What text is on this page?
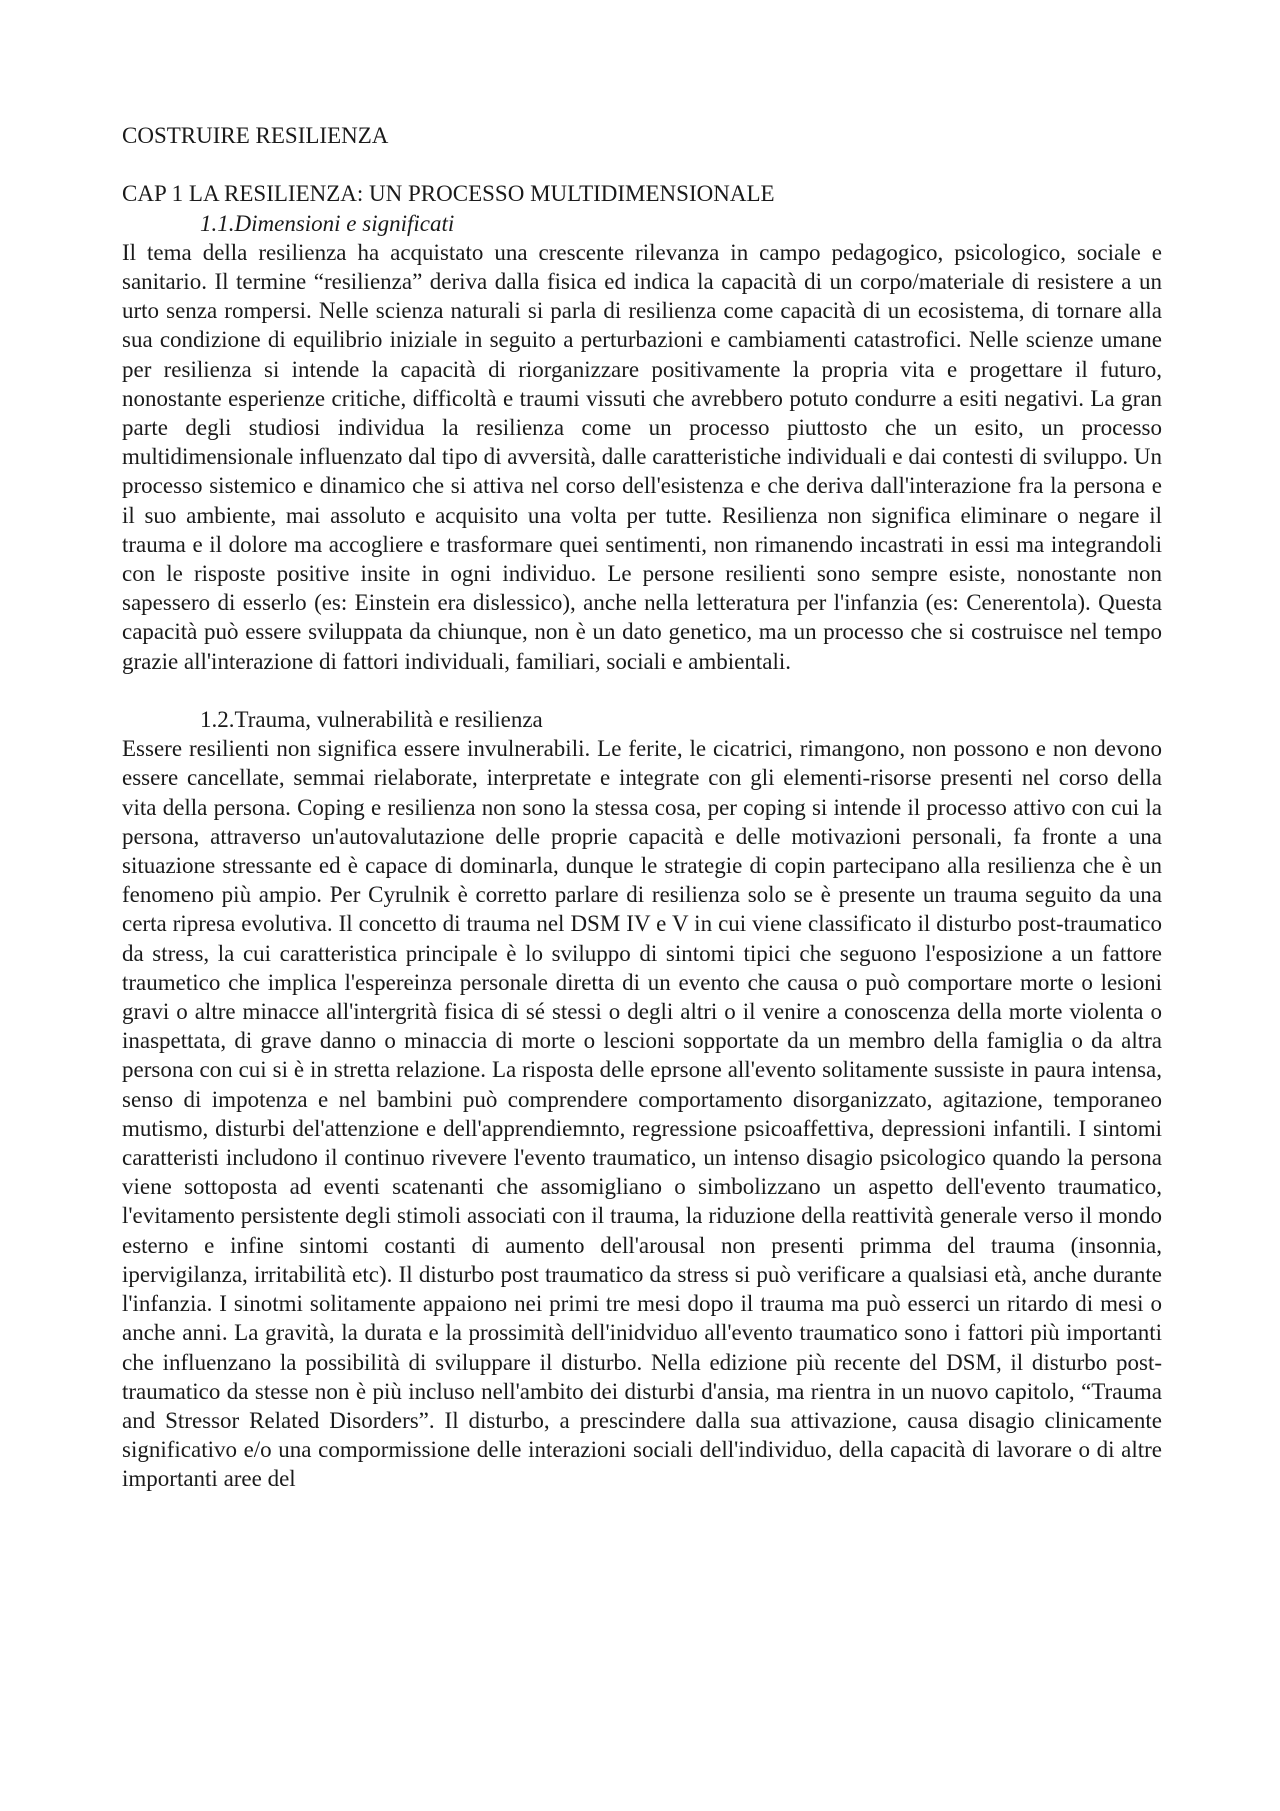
COSTRUIRE RESILIENZA
CAP 1 LA RESILIENZA: UN PROCESSO MULTIDIMENSIONALE
1.1.Dimensioni e significati

Il tema della resilienza ha acquistato una crescente rilevanza in campo pedagogico, psicologico, sociale e sanitario. Il termine “resilienza” deriva dalla fisica ed indica la capacità di un corpo/materiale di resistere a un urto senza rompersi. Nelle scienza naturali si parla di resilienza come capacità di un ecosistema, di tornare alla sua condizione di equilibrio iniziale in seguito a perturbazioni e cambiamenti catastrofici. Nelle scienze umane per resilienza si intende la capacità di riorganizzare positivamente la propria vita e progettare il futuro, nonostante esperienze critiche, difficoltà e traumi vissuti che avrebbero potuto condurre a esiti negativi. La gran parte degli studiosi individua la resilienza come un processo piuttosto che un esito, un processo multidimensionale influenzato dal tipo di avversità, dalle caratteristiche individuali e dai contesti di sviluppo. Un processo sistemico e dinamico che si attiva nel corso dell'esistenza e che deriva dall'interazione fra la persona e il suo ambiente, mai assoluto e acquisito una volta per tutte. Resilienza non significa eliminare o negare il trauma e il dolore ma accogliere e trasformare quei sentimenti, non rimanendo incastrati in essi ma integrandoli con le risposte positive insite in ogni individuo. Le persone resilienti sono sempre esiste, nonostante non sapessero di esserlo (es: Einstein era dislessico), anche nella letteratura per l'infanzia (es: Cenerentola). Questa capacità può essere sviluppata da chiunque, non è un dato genetico, ma un processo che si costruisce nel tempo grazie all'interazione di fattori individuali, familiari, sociali e ambientali.

1.2.Trauma, vulnerabilità e resilienza

Essere resilienti non significa essere invulnerabili. Le ferite, le cicatrici, rimangono, non possono e non devono essere cancellate, semmai rielaborate, interpretate e integrate con gli elementi-risorse presenti nel corso della vita della persona. Coping e resilienza non sono la stessa cosa, per coping si intende il processo attivo con cui la persona, attraverso un'autovalutazione delle proprie capacità e delle motivazioni personali, fa fronte a una situazione stressante ed è capace di dominarla, dunque le strategie di copin partecipano alla resilienza che è un fenomeno più ampio. Per Cyrulnik è corretto parlare di resilienza solo se è presente un trauma seguito da una certa ripresa evolutiva. Il concetto di trauma nel DSM IV e V in cui viene classificato il disturbo post-traumatico da stress, la cui caratteristica principale è lo sviluppo di sintomi tipici che seguono l'esposizione a un fattore traumetico che implica l'espereinza personale diretta di un evento che causa o può comportare morte o lesioni gravi o altre minacce all'intergrità fisica di sé stessi o degli altri o il venire a conoscenza della morte violenta o inaspettata, di grave danno o minaccia di morte o lescioni sopportate da un membro della famiglia o da altra persona con cui si è in stretta relazione. La risposta delle eprsone all'evento solitamente sussiste in paura intensa, senso di impotenza e nel bambini può comprendere comportamento disorganizzato, agitazione, temporaneo mutismo, disturbi del'attenzione e dell'apprendiemnto, regressione psicoaffettiva, depressioni infantili. I sintomi caratteristi includono il continuo rivevere l'evento traumatico, un intenso disagio psicologico quando la persona viene sottoposta ad eventi scatenanti che assomigliano o simbolizzano un aspetto dell'evento traumatico, l'evitamento persistente degli stimoli associati con il trauma, la riduzione della reattività generale verso il mondo esterno e infine sintomi costanti di aumento dell'arousal non presenti primma del trauma (insonnia, ipervigilanza, irritabilità etc). Il disturbo post traumatico da stress si può verificare a qualsiasi età, anche durante l'infanzia. I sinotmi solitamente appaiono nei primi tre mesi dopo il trauma ma può esserci un ritardo di mesi o anche anni. La gravità, la durata e la prossimità dell'inidviduo all'evento traumatico sono i fattori più importanti che influenzano la possibilità di sviluppare il disturbo. Nella edizione più recente del DSM, il disturbo post-traumatico da stesse non è più incluso nell'ambito dei disturbi d'ansia, ma rientra in un nuovo capitolo, “Trauma and Stressor Related Disorders”. Il disturbo, a prescindere dalla sua attivazione, causa disagio clinicamente significativo e/o una compormissione delle interazioni sociali dell'individuo, della capacità di lavorare o di altre importanti aree del
